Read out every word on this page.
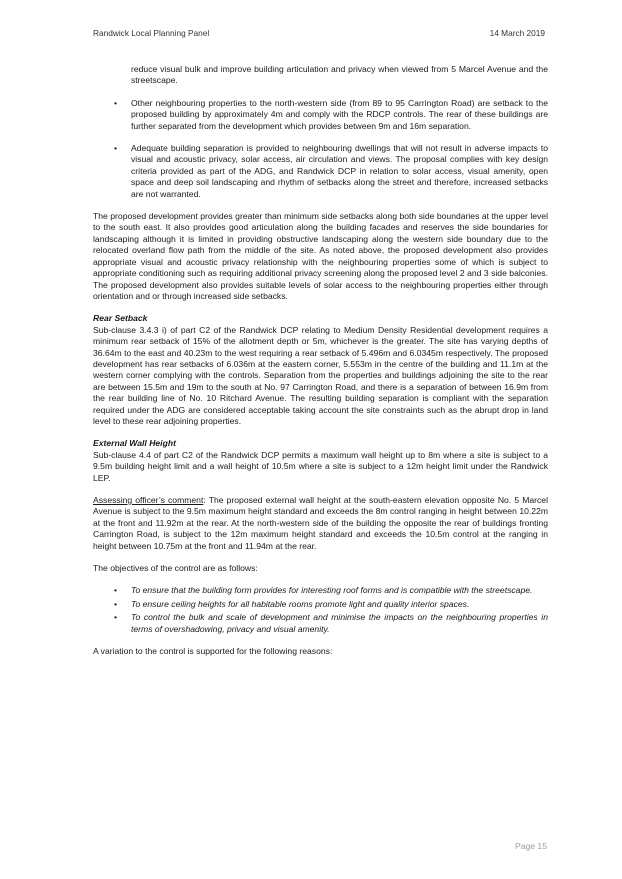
Randwick Local Planning Panel	14 March 2019

reduce visual bulk and improve building articulation and privacy when viewed from 5 Marcel Avenue and the streetscape.

• Other neighbouring properties to the north-western side (from 89 to 95 Carrington Road) are setback to the proposed building by approximately 4m and comply with the RDCP controls. The rear of these buildings are further separated from the development which provides between 9m and 16m separation.
• Adequate building separation is provided to neighbouring dwellings that will not result in adverse impacts to visual and acoustic privacy, solar access, air circulation and views. The proposal complies with key design criteria provided as part of the ADG, and Randwick DCP in relation to solar access, visual amenity, open space and deep soil landscaping and rhythm of setbacks along the street and therefore, increased setbacks are not warranted.

The proposed development provides greater than minimum side setbacks along both side boundaries at the upper level to the south east. It also provides good articulation along the building facades and reserves the side boundaries for landscaping although it is limited in providing obstructive landscaping along the western side boundary due to the relocated overland flow path from the middle of the site. As noted above, the proposed development also provides appropriate visual and acoustic privacy relationship with the neighbouring properties some of which is subject to appropriate conditioning such as requiring additional privacy screening along the proposed level 2 and 3 side balconies. The proposed development also provides suitable levels of solar access to the neighbouring properties either through orientation and or through increased side setbacks.

Rear Setback

Sub-clause 3.4.3 i) of part C2 of the Randwick DCP relating to Medium Density Residential development requires a minimum rear setback of 15% of the allotment depth or 5m, whichever is the greater. The site has varying depths of 36.64m to the east and 40.23m to the west requiring a rear setback of 5.496m and 6.0345m respectively. The proposed development has rear setbacks of 6.036m at the eastern corner, 5.553m in the centre of the building and 11.1m at the western corner complying with the controls. Separation from the properties and buildings adjoining the site to the rear are between 15.5m and 19m to the south at No. 97 Carrington Road, and there is a separation of between 16.9m from the rear building line of No. 10 Ritchard Avenue. The resulting building separation is compliant with the separation required under the ADG are considered acceptable taking account the site constraints such as the abrupt drop in land level to these rear adjoining properties.

External Wall Height

Sub-clause 4.4 of part C2 of the Randwick DCP permits a maximum wall height up to 8m where a site is subject to a 9.5m building height limit and a wall height of 10.5m where a site is subject to a 12m height limit under the Randwick LEP.

Assessing officer’s comment: The proposed external wall height at the south-eastern elevation opposite No. 5 Marcel Avenue is subject to the 9.5m maximum height standard and exceeds the 8m control ranging in height between 10.22m at the front and 11.92m at the rear. At the north-western side of the building the opposite the rear of buildings fronting Carrington Road, is subject to the 12m maximum height standard and exceeds the 10.5m control at the ranging in height between 10.75m at the front and 11.94m at the rear.

The objectives of the control are as follows:

• To ensure that the building form provides for interesting roof forms and is compatible with the streetscape.
• To ensure ceiling heights for all habitable rooms promote light and quality interior spaces.
• To control the bulk and scale of development and minimise the impacts on the neighbouring properties in terms of overshadowing, privacy and visual amenity.

A variation to the control is supported for the following reasons:

Page 15
